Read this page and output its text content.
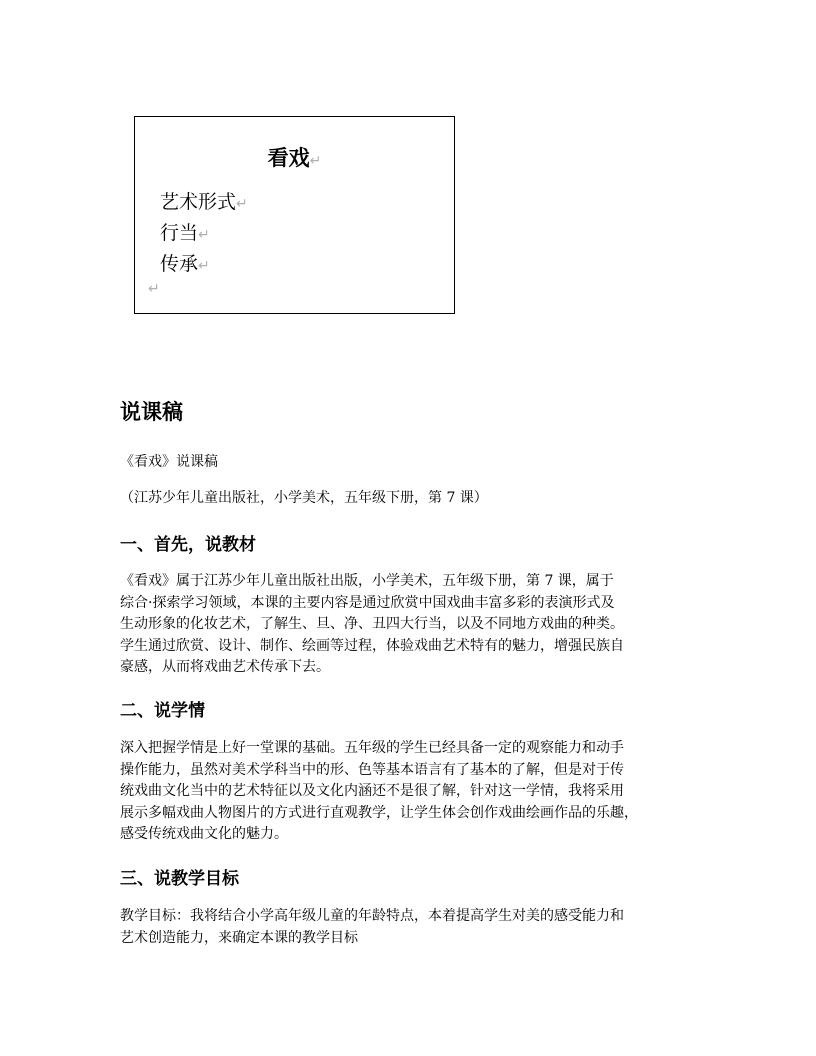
看戏↵
艺术形式↵
行当↵
传承↵
↵
说课稿

《看戏》说课稿

（江苏少年儿童出版社，小学美术，五年级下册，第 7 课）

一、首先，说教材

《看戏》属于江苏少年儿童出版社出版，小学美术，五年级下册，第 7 课，属于
综合·探索学习领域，本课的主要内容是通过欣赏中国戏曲丰富多彩的表演形式及
生动形象的化妆艺术，了解生、旦、净、丑四大行当，以及不同地方戏曲的种类。
学生通过欣赏、设计、制作、绘画等过程，体验戏曲艺术特有的魅力，增强民族自
豪感，从而将戏曲艺术传承下去。

二、说学情

深入把握学情是上好一堂课的基础。五年级的学生已经具备一定的观察能力和动手
操作能力，虽然对美术学科当中的形、色等基本语言有了基本的了解，但是对于传
统戏曲文化当中的艺术特征以及文化内涵还不是很了解，针对这一学情，我将采用
展示多幅戏曲人物图片的方式进行直观教学，让学生体会创作戏曲绘画作品的乐趣，
感受传统戏曲文化的魅力。

三、说教学目标

教学目标：我将结合小学高年级儿童的年龄特点，本着提高学生对美的感受能力和
艺术创造能力，来确定本课的教学目标
